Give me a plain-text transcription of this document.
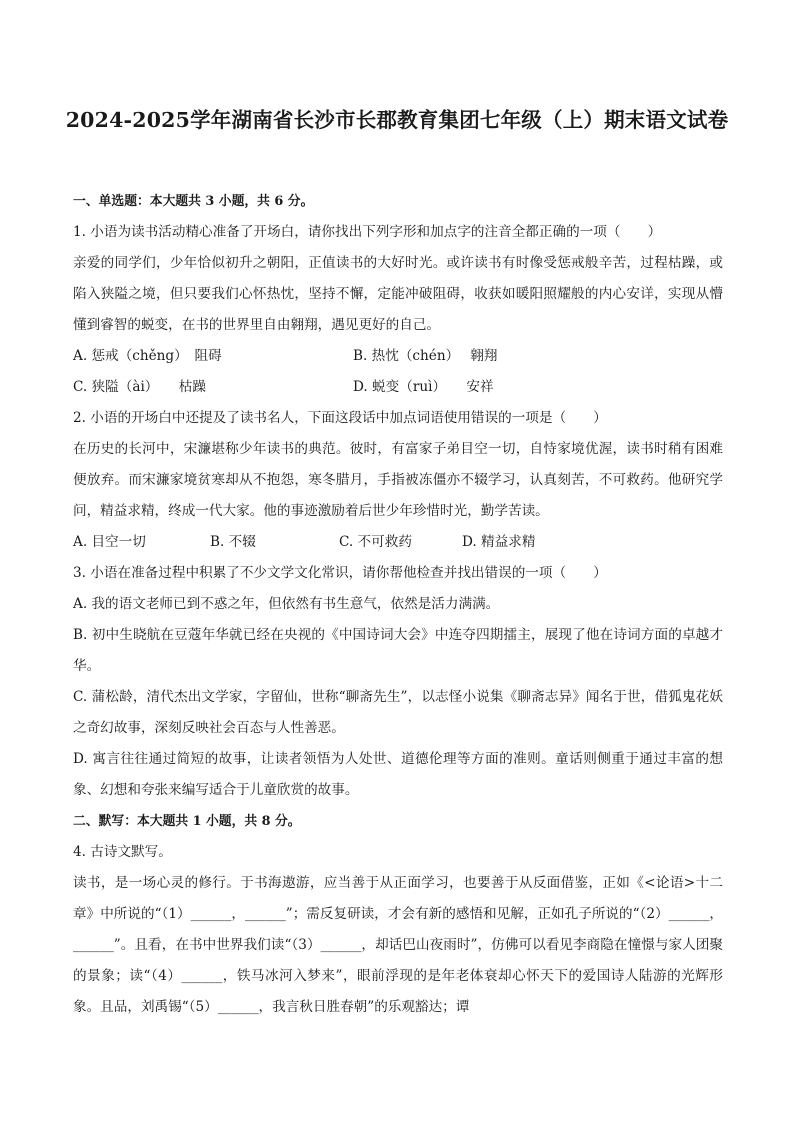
2024-2025学年湖南省长沙市长郡教育集团七年级（上）期末语文试卷
一、单选题：本大题共 3 小题，共 6 分。
1. 小语为读书活动精心准备了开场白，请你找出下列字形和加点字的注音全都正确的一项（　　）
亲爱的同学们，少年恰似初升之朝阳，正值读书的大好时光。或许读书有时像受惩戒般辛苦，过程枯躁，或陷入狭隘之境，但只要我们心怀热忱，坚持不懈，定能冲破阻碍，收获如暖阳照耀般的内心安详，实现从懵懂到睿智的蜕变，在书的世界里自由翱翔，遇见更好的自己。
A. 惩戒（chěng）　阻碍	B. 热忱（chén）　 翱翔
C. 狭隘（ài）　　枯躁	D. 蜕变（ruì）　　安祥
2. 小语的开场白中还提及了读书名人，下面这段话中加点词语使用错误的一项是（　　）
在历史的长河中，宋濂堪称少年读书的典范。彼时，有富家子弟目空一切，自恃家境优渥，读书时稍有困难便放弃。而宋濂家境贫寒却从不抱怨，寒冬腊月，手指被冻僵亦不辍学习，认真刻苦，不可救药。他研究学问，精益求精，终成一代大家。他的事迹激励着后世少年珍惜时光，勤学苦读。
A. 目空一切	B. 不辍	C. 不可救药	D. 精益求精
3. 小语在准备过程中积累了不少文学文化常识，请你帮他检查并找出错误的一项（　　）
A. 我的语文老师已到不惑之年，但依然有书生意气，依然是活力满满。
B. 初中生晓航在豆蔻年华就已经在央视的《中国诗词大会》中连夺四期擂主，展现了他在诗词方面的卓越才华。
C. 蒲松龄，清代杰出文学家，字留仙，世称“聊斋先生”，以志怪小说集《聊斋志异》闻名于世，借狐鬼花妖之奇幻故事，深刻反映社会百态与人性善恶。
D. 寓言往往通过简短的故事，让读者领悟为人处世、道德伦理等方面的准则。童话则侧重于通过丰富的想象、幻想和夸张来编写适合于儿童欣赏的故事。
二、默写：本大题共 1 小题，共 8 分。
4. 古诗文默写。
读书，是一场心灵的修行。于书海遨游，应当善于从正面学习，也要善于从反面借鉴，正如《<论语>十二章》中所说的“（1）______，______”；需反复研读，才会有新的感悟和见解，正如孔子所说的“（2）______，______”。且看，在书中世界我们读“（3）______，却话巴山夜雨时”，仿佛可以看见李商隐在憧憬与家人团聚的景象；读“（4）______，铁马冰河入梦来”，眼前浮现的是年老体衰却心怀天下的爱国诗人陆游的光辉形象。且品，刘禹锡“（5）______，我言秋日胜春朝”的乐观豁达；谭
